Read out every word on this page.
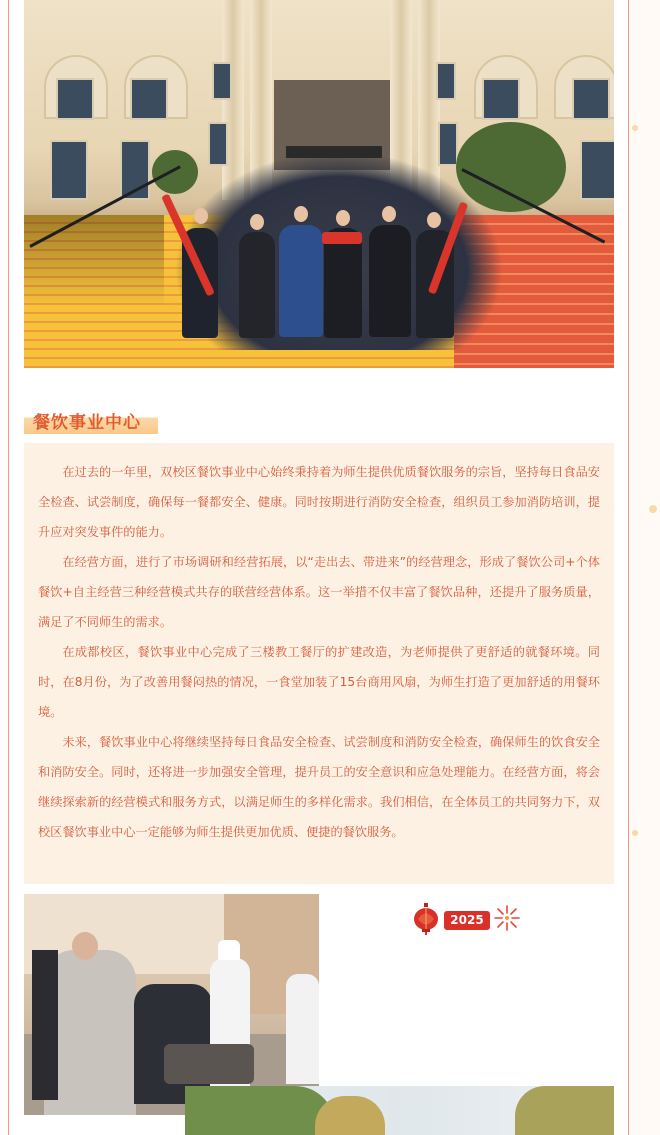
餐饮事业中心

在过去的一年里，双校区餐饮事业中心始终秉持着为师生提供优质餐饮服务的宗旨，坚持每日食品安全检查、试尝制度，确保每一餐都安全、健康。同时按期进行消防安全检查，组织员工参加消防培训，提升应对突发事件的能力。

在经营方面，进行了市场调研和经营拓展，以“走出去、带进来”的经营理念，形成了餐饮公司+个体餐饮+自主经营三种经营模式共存的联营经营体系。这一举措不仅丰富了餐饮品种，还提升了服务质量，满足了不同师生的需求。

在成都校区，餐饮事业中心完成了三楼教工餐厅的扩建改造，为老师提供了更舒适的就餐环境。同时，在8月份，为了改善用餐闷热的情况，一食堂加装了15台商用风扇，为师生打造了更加舒适的用餐环境。

未来，餐饮事业中心将继续坚持每日食品安全检查、试尝制度和消防安全检查，确保师生的饮食安全和消防安全。同时，还将进一步加强安全管理，提升员工的安全意识和应急处理能力。在经营方面，将会继续探索新的经营模式和服务方式，以满足师生的多样化需求。我们相信，在全体员工的共同努力下，双校区餐饮事业中心一定能够为师生提供更加优质、便捷的餐饮服务。

2025
